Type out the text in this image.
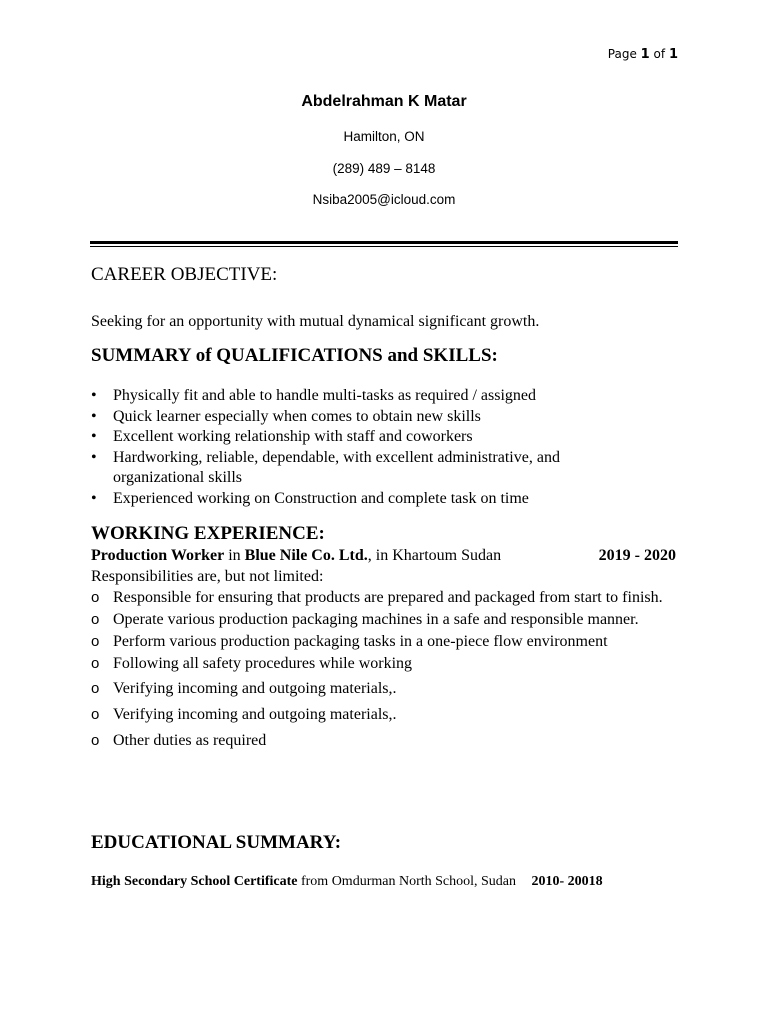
Page 1 of 1
Abdelrahman K Matar
Hamilton, ON
(289) 489 – 8148
Nsiba2005@icloud.com
CAREER OBJECTIVE:
Seeking for an opportunity with mutual dynamical significant growth.
SUMMARY of QUALIFICATIONS and SKILLS:
• Physically fit and able to handle multi-tasks as required / assigned
• Quick learner especially when comes to obtain new skills
• Excellent working relationship with staff and coworkers
• Hardworking, reliable, dependable, with excellent administrative, and organizational skills
• Experienced working on Construction and complete task on time
WORKING EXPERIENCE:
Production Worker in Blue Nile Co. Ltd., in Khartoum Sudan	2019 - 2020
Responsibilities are, but not limited:
o Responsible for ensuring that products are prepared and packaged from start to finish.
o Operate various production packaging machines in a safe and responsible manner.
o Perform various production packaging tasks in a one-piece flow environment
o Following all safety procedures while working
o Verifying incoming and outgoing materials,.
o Verifying incoming and outgoing materials,.
o Other duties as required
EDUCATIONAL SUMMARY:
High Secondary School Certificate from Omdurman North School, Sudan 2010- 20018
